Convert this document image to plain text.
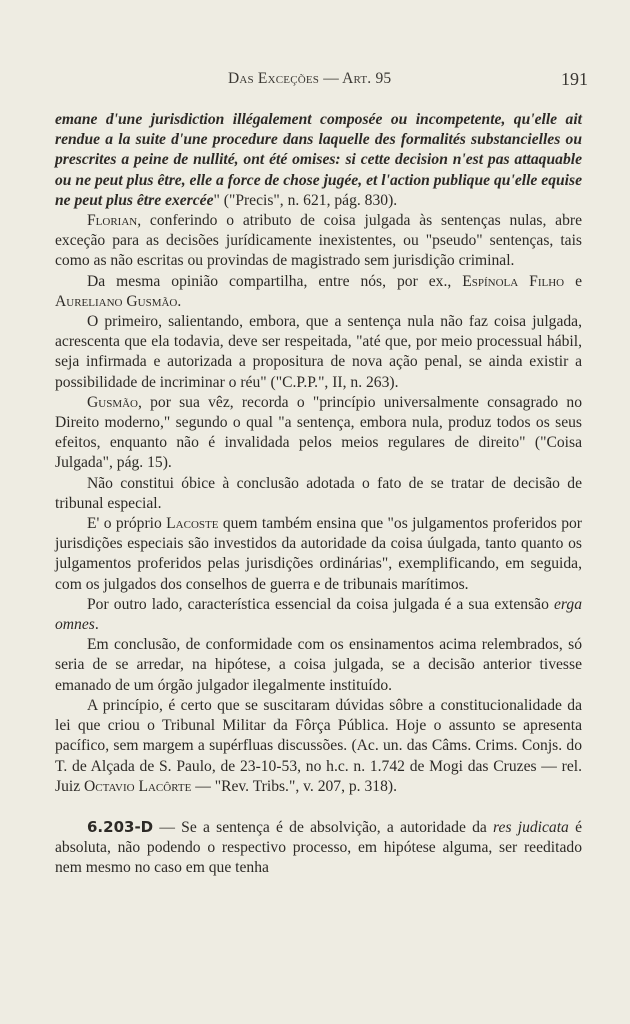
Das Exceções — Art. 95	191

emane d'une jurisdiction illégalement composée ou incompetente, qu'elle ait rendue a la suite d'une procedure dans laquelle des formalités substancielles ou prescrites a peine de nullité, ont été omises: si cette decision n'est pas attaquable ou ne peut plus être, elle a force de chose jugée, et l'action publique qu'elle equise ne peut plus être exercée" ("Precis", n. 621, pág. 830).

Florian, conferindo o atributo de coisa julgada às sentenças nulas, abre exceção para as decisões jurídicamente inexistentes, ou "pseudo" sentenças, tais como as não escritas ou provindas de magistrado sem jurisdição criminal.

Da mesma opinião compartilha, entre nós, por ex., Espínola Filho e Aureliano Gusmão.

O primeiro, salientando, embora, que a sentença nula não faz coisa julgada, acrescenta que ela todavia, deve ser respeitada, "até que, por meio processual hábil, seja infirmada e autorizada a propositura de nova ação penal, se ainda existir a possibilidade de incriminar o réu" ("C.P.P.", II, n. 263).

Gusmão, por sua vêz, recorda o "princípio universalmente consagrado no Direito moderno," segundo o qual "a sentença, embora nula, produz todos os seus efeitos, enquanto não é invalidada pelos meios regulares de direito" ("Coisa Julgada", pág. 15).

Não constitui óbice à conclusão adotada o fato de se tratar de decisão de tribunal especial.

E' o próprio Lacoste quem também ensina que "os julgamentos proferidos por jurisdições especiais são investidos da autoridade da coisa úulgada, tanto quanto os julgamentos proferidos pelas jurisdições ordinárias", exemplificando, em seguida, com os julgados dos conselhos de guerra e de tribunais marítimos.

Por outro lado, característica essencial da coisa julgada é a sua extensão erga omnes.

Em conclusão, de conformidade com os ensinamentos acima relembrados, só seria de se arredar, na hipótese, a coisa julgada, se a decisão anterior tivesse emanado de um órgão julgador ilegalmente instituído.

A princípio, é certo que se suscitaram dúvidas sôbre a constitucionalidade da lei que criou o Tribunal Militar da Fôrça Pública. Hoje o assunto se apresenta pacífico, sem margem a supérfluas discussões. (Ac. un. das Câms. Crims. Conjs. do T. de Alçada de S. Paulo, de 23-10-53, no h.c. n. 1.742 de Mogi das Cruzes — rel. Juiz Octavio Lacôrte — "Rev. Tribs.", v. 207, p. 318).

6.203-D — Se a sentença é de absolvição, a autoridade da res judicata é absoluta, não podendo o respectivo processo, em hipótese alguma, ser reeditado nem mesmo no caso em que tenha
